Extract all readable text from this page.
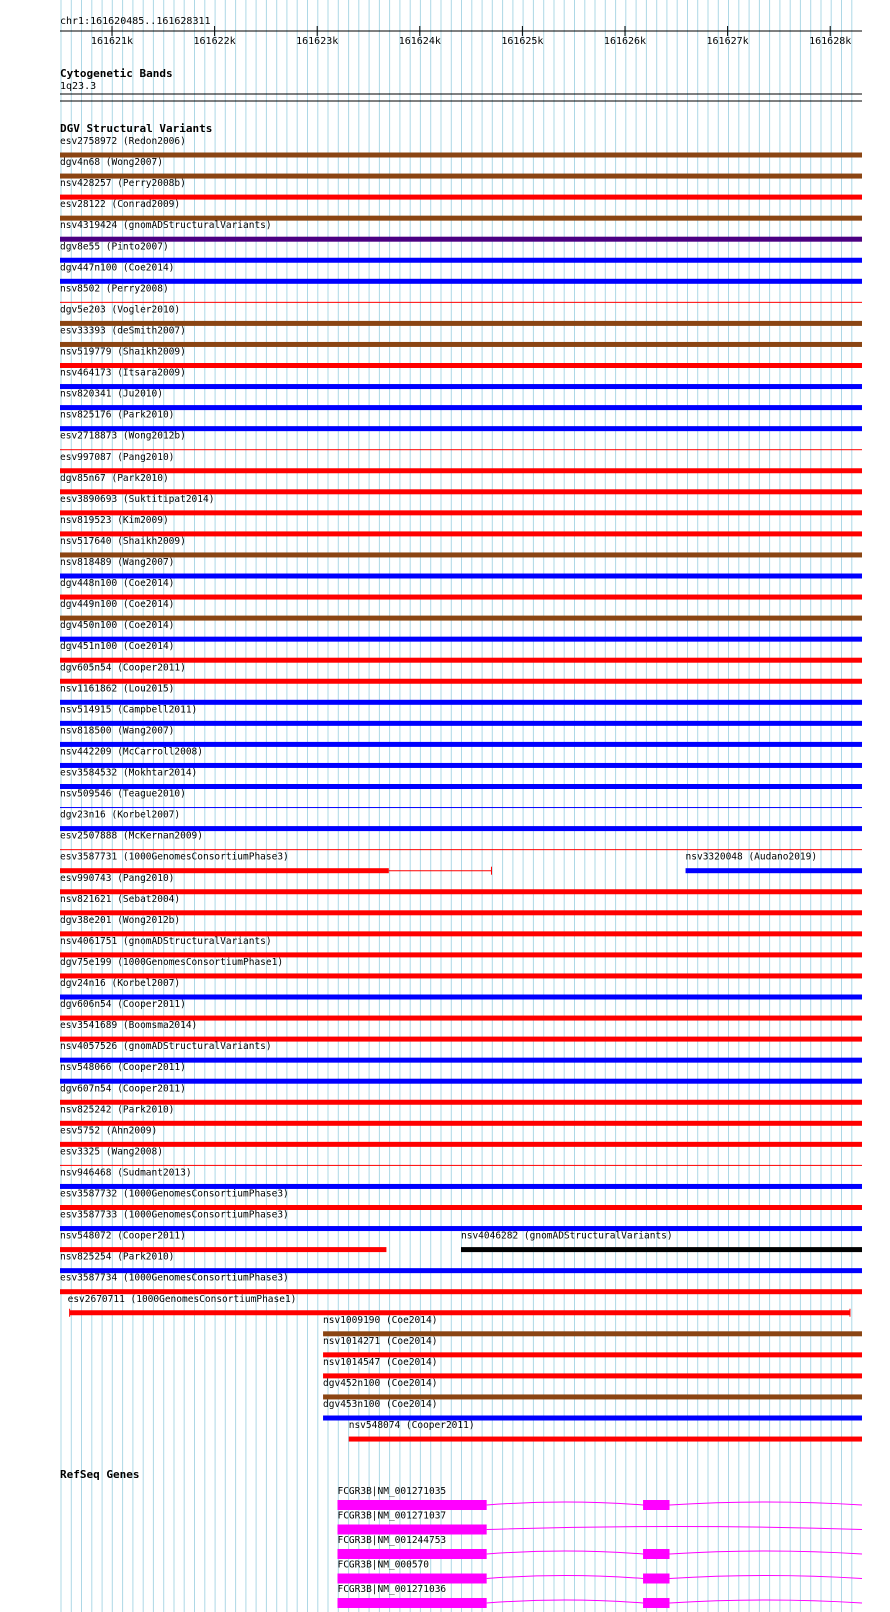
chr1:161620485..161628311
161621k	161622k	161623k	161624k	161625k	161626k	161627k	161628k
Cytogenetic Bands
1q23.3
DGV Structural Variants
esv2758972 (Redon2006)
dgv4n68 (Wong2007)
nsv428257 (Perry2008b)
esv28122 (Conrad2009)
nsv4319424 (gnomADStructuralVariants)
dgv8e55 (Pinto2007)
dgv447n100 (Coe2014)
nsv8502 (Perry2008)
dgv5e203 (Vogler2010)
esv33393 (deSmith2007)
nsv519779 (Shaikh2009)
nsv464173 (Itsara2009)
nsv820341 (Ju2010)
nsv825176 (Park2010)
esv2718873 (Wong2012b)
esv997087 (Pang2010)
dgv85n67 (Park2010)
esv3890693 (Suktitipat2014)
nsv819523 (Kim2009)
nsv517640 (Shaikh2009)
nsv818489 (Wang2007)
dgv448n100 (Coe2014)
dgv449n100 (Coe2014)
dgv450n100 (Coe2014)
dgv451n100 (Coe2014)
dgv605n54 (Cooper2011)
nsv1161862 (Lou2015)
nsv514915 (Campbell2011)
nsv818500 (Wang2007)
nsv442209 (McCarroll2008)
esv3584532 (Mokhtar2014)
nsv509546 (Teague2010)
dgv23n16 (Korbel2007)
esv2507888 (McKernan2009)
esv3587731 (1000GenomesConsortiumPhase3)	nsv3320048 (Audano2019)
esv990743 (Pang2010)
nsv821621 (Sebat2004)
dgv38e201 (Wong2012b)
nsv4061751 (gnomADStructuralVariants)
dgv75e199 (1000GenomesConsortiumPhase1)
dgv24n16 (Korbel2007)
dgv606n54 (Cooper2011)
esv3541689 (Boomsma2014)
nsv4057526 (gnomADStructuralVariants)
nsv548066 (Cooper2011)
dgv607n54 (Cooper2011)
nsv825242 (Park2010)
esv5752 (Ahn2009)
esv3325 (Wang2008)
nsv946468 (Sudmant2013)
esv3587732 (1000GenomesConsortiumPhase3)
esv3587733 (1000GenomesConsortiumPhase3)
nsv548072 (Cooper2011)	nsv4046282 (gnomADStructuralVariants)
nsv825254 (Park2010)
esv3587734 (1000GenomesConsortiumPhase3)
esv2670711 (1000GenomesConsortiumPhase1)
nsv1009190 (Coe2014)
nsv1014271 (Coe2014)
nsv1014547 (Coe2014)
dgv452n100 (Coe2014)
dgv453n100 (Coe2014)
nsv548074 (Cooper2011)
RefSeq Genes
FCGR3B|NM_001271035
FCGR3B|NM_001271037
FCGR3B|NM_001244753
FCGR3B|NM_000570
FCGR3B|NM_001271036
